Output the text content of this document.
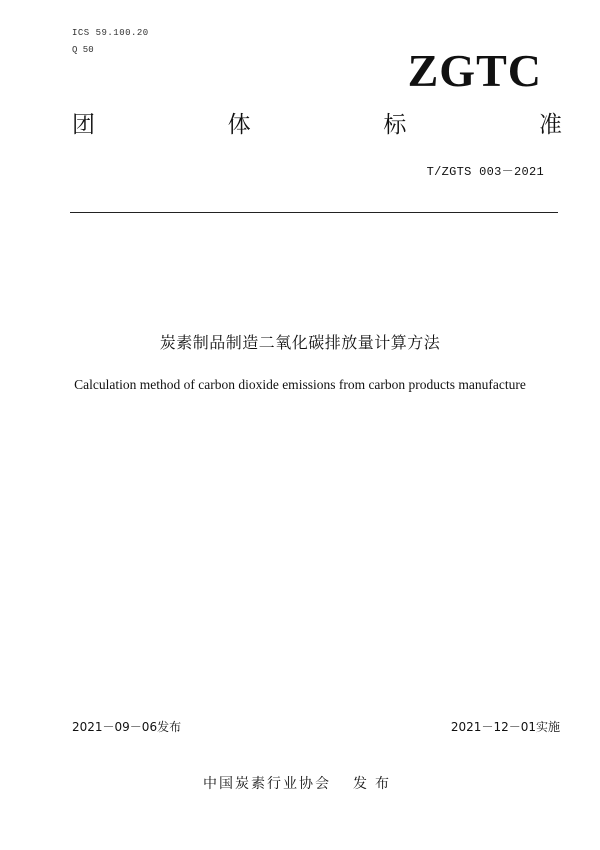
ICS 59.100.20
Q 50	ZGTC
团	体	标	准
T/ZGTS 003－2021
炭素制品制造二氧化碳排放量计算方法
Calculation method of carbon dioxide emissions from carbon products manufacture
2021－09－06发布	2021－12－01实施
中国炭素行业协会 发布
